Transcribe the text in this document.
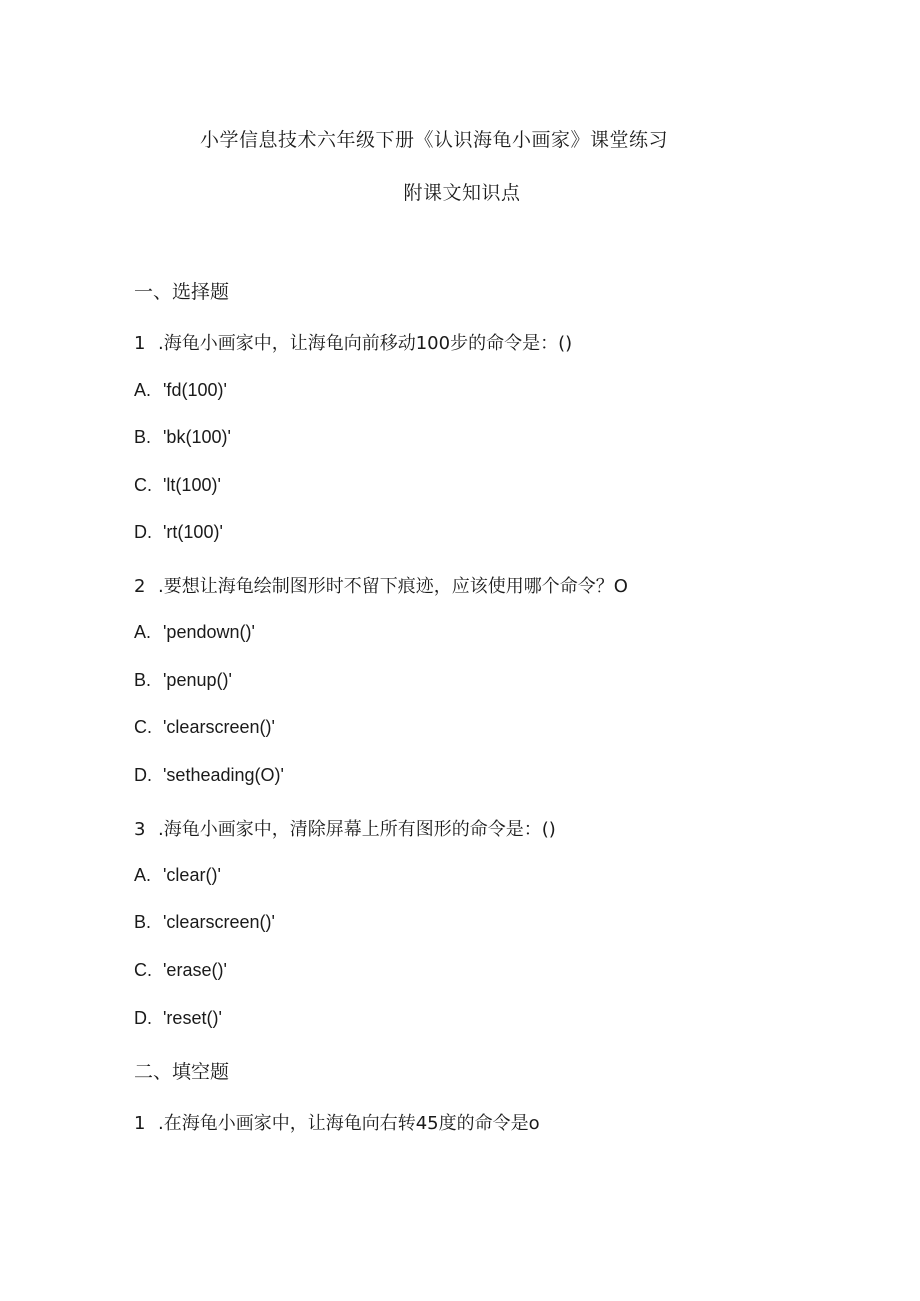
小学信息技术六年级下册《认识海龟小画家》课堂练习
附课文知识点
一、选择题
1 .海龟小画家中，让海龟向前移动100步的命令是：()
A. 'fd(100)'
B. 'bk(100)'
C. 'lt(100)'
D. 'rt(100)'
2 .要想让海龟绘制图形时不留下痕迹，应该使用哪个命令？O
A. 'pendown()'
B. 'penup()'
C. 'clearscreen()'
D. 'setheading(O)'
3 .海龟小画家中，清除屏幕上所有图形的命令是：()
A. 'clear()'
B. 'clearscreen()'
C. 'erase()'
D. 'reset()'
二、填空题
1 .在海龟小画家中，让海龟向右转45度的命令是o
